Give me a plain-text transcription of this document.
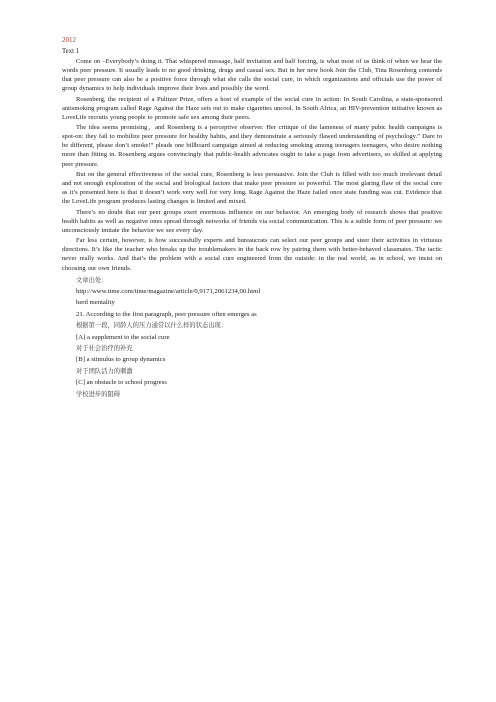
2012
Text 1

Come on –Everybody’s doing it. That whispered message, half invitation and half forcing, is what most of us think of when we hear the words peer pressure. It usually leads to no good drinking, drugs and casual sex. But in her new book Join the Club, Tina Rosenberg contends that peer pressure can also be a positive force through what she calls the social cure, in which organizations and officials use the power of group dynamics to help individuals improve their lives and possibly the word.

Rosenberg, the recipient of a Pulitzer Prize, offers a host of example of the social cure in action: In South Carolina, a state-sponsored antismoking program called Rage Against the Haze sets out to make cigarettes uncool. In South Africa, an HIV-prevention initiative known as LoveLife recruits young people to promote safe sex among their peers.

The idea seems promising，and Rosenberg is a perceptive observer. Her critique of the lameness of many pubic health campaigns is spot-on: they fail to mobilize peer pressure for healthy habits, and they demonstrate a seriously flawed understanding of psychology.” Dare to be different, please don’t smoke!” pleads one billboard campaign aimed at reducing smoking among teenagers teenagers, who desire nothing more than fitting in. Rosenberg argues convincingly that public-health advocates ought to take a page from advertisers, so skilled at applying peer pressure.

But on the general effectiveness of the social cure, Rosenberg is less persuasive. Join the Club is filled with too much irrelevant detail and not enough exploration of the social and biological factors that make peer pressure so powerful. The most glaring flaw of the social cure as it’s presented here is that it doesn’t work very well for very long. Rage Against the Haze failed once state funding was cut. Evidence that the LoveLife program produces lasting changes is limited and mixed.

There’s no doubt that our peer groups exert enormous influence on our behavior. An emerging body of research shows that positive health habits as well as negative ones spread through networks of friends via social communication. This is a subtle form of peer pressure: we unconsciously imitate the behavior we see every day.

Far less certain, however, is how successfully experts and bureaucrats can select our peer groups and steer their activities in virtuous directions. It’s like the teacher who breaks up the troublemakers in the back row by pairing them with better-behaved classmates. The tactic never really works. And that’s the problem with a social cure engineered from the outside: in the real world, as in school, we insist on choosing our own friends.

文章出处：

http://www.time.com/time/magazine/article/0,9171,2061234,00.html

herd mentality

21. According to the first paragraph, peer pressure often emerges as

根据第一段，同龄人的压力通常以什么样的状态出现：

[A] a supplement to the social cure

对于社会治疗的补充

[B] a stimulus to group dynamics

对于团队活力的刺激

[C] an obstacle to school progress

学校进步的阻碍
